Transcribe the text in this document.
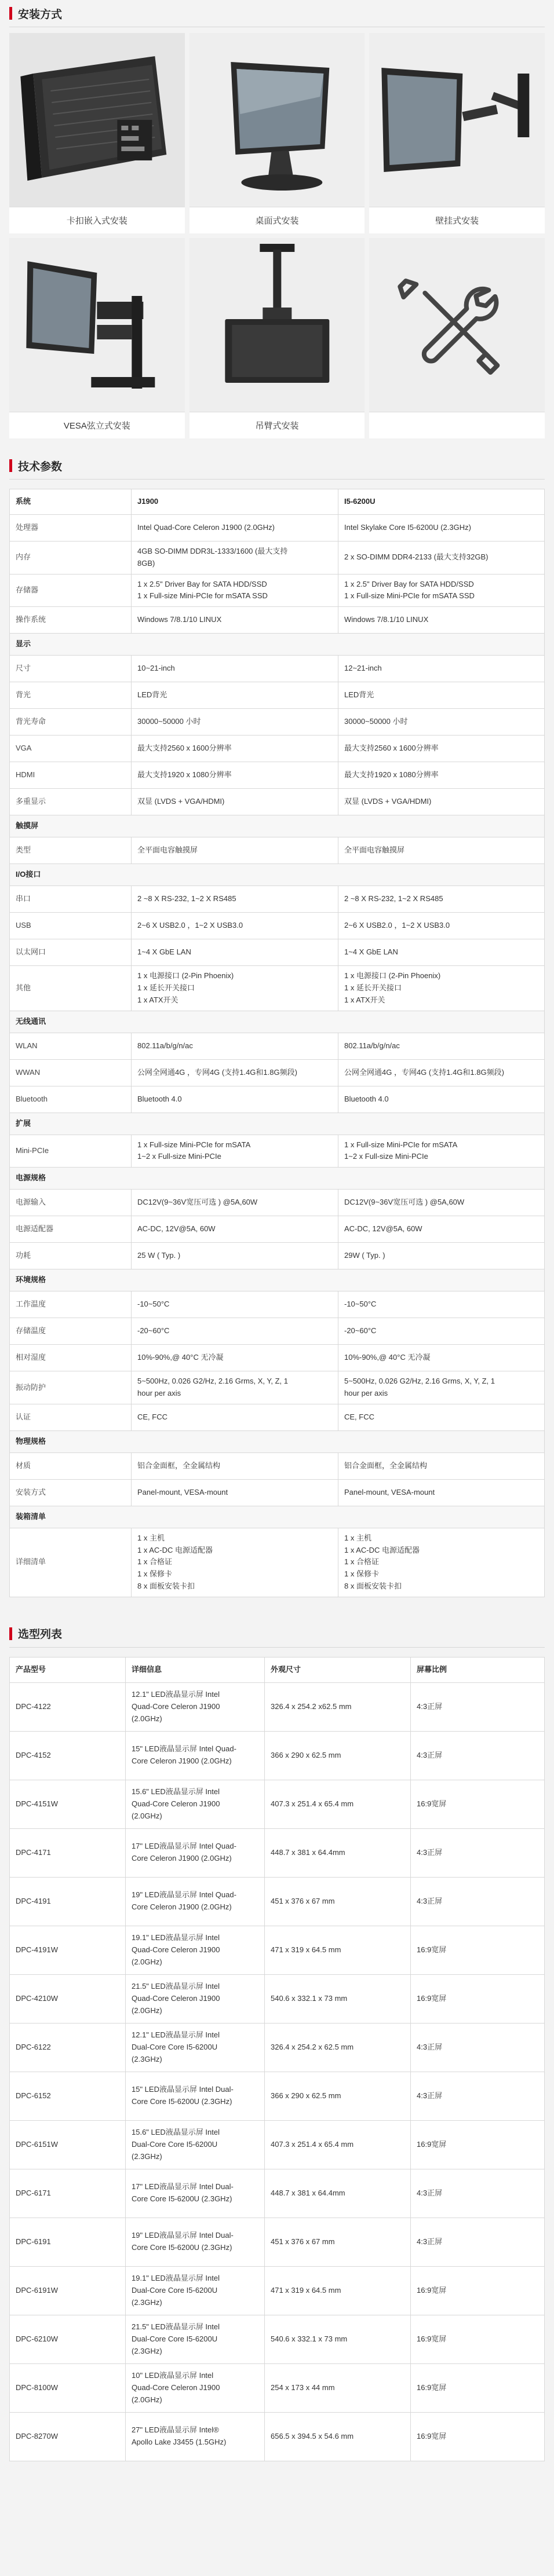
安装方式
卡扣嵌入式安装	桌面式安装	壁挂式安装
VESA弦立式安装	吊臂式安装
技术参数
系统	J1900	I5-6200U
处理器	Intel Quad-Core Celeron J1900 (2.0GHz)	Intel Skylake Core I5-6200U (2.3GHz)

内存	4GB SO-DIMM DDR3L-1333/1600 (最大支持
8GB)	2 x SO-DIMM DDR4-2133 (最大支持32GB)

存储器	1 x 2.5" Driver Bay for SATA HDD/SSD
1 x Full-size Mini-PCIe for mSATA SSD	1 x 2.5" Driver Bay for SATA HDD/SSD
1 x Full-size Mini-PCIe for mSATA SSD

操作系统	Windows 7/8.1/10 LINUX	Windows 7/8.1/10 LINUX

显示		
尺寸	10~21-inch	12~21-inch

背光	LED背光	LED背光

背光寿命	30000~50000 小时	30000~50000 小时

VGA	最大支持2560 x 1600分辨率	最大支持2560 x 1600分辨率

HDMI	最大支持1920 x 1080分辨率	最大支持1920 x 1080分辨率

多重显示	双显 (LVDS + VGA/HDMI)	双显 (LVDS + VGA/HDMI)

触摸屏		
类型	全平面电容触摸屏	全平面电容触摸屏

I/O接口		
串口	2 ~8 X RS-232, 1~2 X RS485	2 ~8 X RS-232, 1~2 X RS485

USB	2~6 X USB2.0 ，1~2 X USB3.0	2~6 X USB2.0 ，1~2 X USB3.0

以太网口	1~4 X GbE LAN	1~4 X GbE LAN

其他	1 x 电源接口 (2-Pin Phoenix)
1 x 延长开关接口
1 x ATX开关	1 x 电源接口 (2-Pin Phoenix)
1 x 延长开关接口
1 x ATX开关

无线通讯		
WLAN	802.11a/b/g/n/ac	802.11a/b/g/n/ac

WWAN	公网全网通4G ，专网4G (支持1.4G和1.8G频段)	公网全网通4G ，专网4G (支持1.4G和1.8G频段)

Bluetooth	Bluetooth 4.0	Bluetooth 4.0

扩展		
Mini-PCIe	1 x Full-size Mini-PCIe for mSATA
1~2 x Full-size Mini-PCIe	1 x Full-size Mini-PCIe for mSATA
1~2 x Full-size Mini-PCIe

电源规格		
电源输入	DC12V(9~36V宽压可选 ) @5A,60W	DC12V(9~36V宽压可选 ) @5A,60W

电源适配器	AC-DC, 12V@5A, 60W	AC-DC, 12V@5A, 60W

功耗	25 W ( Typ. )	29W ( Typ. )

环境规格		
工作温度	-10~50°C	-10~50°C

存储温度	-20~60°C	-20~60°C

相对湿度	10%-90%,@ 40°C 无冷凝	10%-90%,@ 40°C 无冷凝

振动防护	5~500Hz, 0.026 G2/Hz, 2.16 Grms, X, Y, Z, 1
hour per axis	5~500Hz, 0.026 G2/Hz, 2.16 Grms, X, Y, Z, 1
hour per axis

认证	CE, FCC	CE, FCC

物理规格		
材质	铝合金面框，全金属结构	铝合金面框，全金属结构

安装方式	Panel-mount, VESA-mount	Panel-mount, VESA-mount

装箱清单		
详细清单	1 x 主机
1 x AC-DC 电源适配器
1 x 合格证
1 x 保修卡
8 x 面板安装卡扣	1 x 主机
1 x AC-DC 电源适配器
1 x 合格证
1 x 保修卡
8 x 面板安装卡扣
选型列表
产品型号	详细信息	外观尺寸	屏幕比例
DPC-4122	12.1" LED液晶显示屏 Intel
Quad-Core Celeron J1900
(2.0GHz)	326.4 x 254.2 x62.5 mm	4:3正屏
DPC-4152	15" LED液晶显示屏 Intel Quad-
Core Celeron J1900 (2.0GHz)	366 x 290 x 62.5 mm	4:3正屏
DPC-4151W	15.6" LED液晶显示屏 Intel
Quad-Core Celeron J1900
(2.0GHz)	407.3 x 251.4 x 65.4 mm	16:9宽屏
DPC-4171	17" LED液晶显示屏 Intel Quad-
Core Celeron J1900 (2.0GHz)	448.7 x 381 x 64.4mm	4:3正屏
DPC-4191	19" LED液晶显示屏 Intel Quad-
Core Celeron J1900 (2.0GHz)	451 x 376 x 67 mm	4:3正屏
DPC-4191W	19.1" LED液晶显示屏 Intel
Quad-Core Celeron J1900
(2.0GHz)	471 x 319 x 64.5 mm	16:9宽屏
DPC-4210W	21.5" LED液晶显示屏 Intel
Quad-Core Celeron J1900
(2.0GHz)	540.6 x 332.1 x 73 mm	16:9宽屏
DPC-6122	12.1" LED液晶显示屏 Intel
Dual-Core Core I5-6200U
(2.3GHz)	326.4 x 254.2 x 62.5 mm	4:3正屏
DPC-6152	15" LED液晶显示屏 Intel Dual-
Core Core I5-6200U (2.3GHz)	366 x 290 x 62.5 mm	4:3正屏
DPC-6151W	15.6" LED液晶显示屏 Intel
Dual-Core Core I5-6200U
(2.3GHz)	407.3 x 251.4 x 65.4 mm	16:9宽屏
DPC-6171	17" LED液晶显示屏 Intel Dual-
Core Core I5-6200U (2.3GHz)	448.7 x 381 x 64.4mm	4:3正屏
DPC-6191	19" LED液晶显示屏 Intel Dual-
Core Core I5-6200U (2.3GHz)	451 x 376 x 67 mm	4:3正屏
DPC-6191W	19.1" LED液晶显示屏 Intel
Dual-Core Core I5-6200U
(2.3GHz)	471 x 319 x 64.5 mm	16:9宽屏
DPC-6210W	21.5" LED液晶显示屏 Intel
Dual-Core Core I5-6200U
(2.3GHz)	540.6 x 332.1 x 73 mm	16:9宽屏
DPC-8100W	10" LED液晶显示屏 Intel
Quad-Core Celeron J1900
(2.0GHz)	254 x 173 x 44 mm	16:9宽屏
DPC-8270W	27" LED液晶显示屏 Intel®
Apollo Lake J3455 (1.5GHz)	656.5 x 394.5 x 54.6 mm	16:9宽屏
